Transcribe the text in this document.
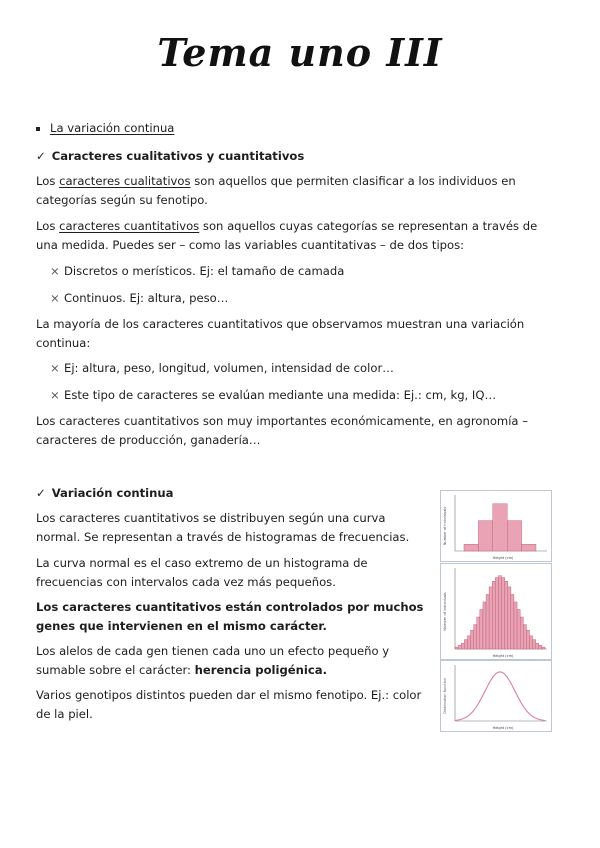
Tema uno III
La variación continua
✓ Caracteres cualitativos y cuantitativos
Los caracteres cualitativos son aquellos que permiten clasificar a los individuos en categorías según su fenotipo.
Los caracteres cuantitativos son aquellos cuyas categorías se representan a través de una medida. Puedes ser – como las variables cuantitativas – de dos tipos:
× Discretos o merísticos. Ej: el tamaño de camada
× Continuos. Ej: altura, peso…
La mayoría de los caracteres cuantitativos que observamos muestran una variación continua:
× Ej: altura, peso, longitud, volumen, intensidad de color…
× Este tipo de caracteres se evalúan mediante una medida: Ej.: cm, kg, IQ…
Los caracteres cuantitativos son muy importantes económicamente, en agronomía – caracteres de producción, ganadería…
✓ Variación continua
Los caracteres cuantitativos se distribuyen según una curva normal. Se representan a través de histogramas de frecuencias.
La curva normal es el caso extremo de un histograma de frecuencias con intervalos cada vez más pequeños.
Los caracteres cuantitativos están controlados por muchos genes que intervienen en el mismo carácter.
Los alelos de cada gen tienen cada uno un efecto pequeño y sumable sobre el carácter: herencia poligénica.
Varios genotipos distintos pueden dar el mismo fenotipo. Ej.: color de la piel.
Height (cm)
Number of individuals
Height (cm)
Number of individuals
Height (cm)
Distribution function
